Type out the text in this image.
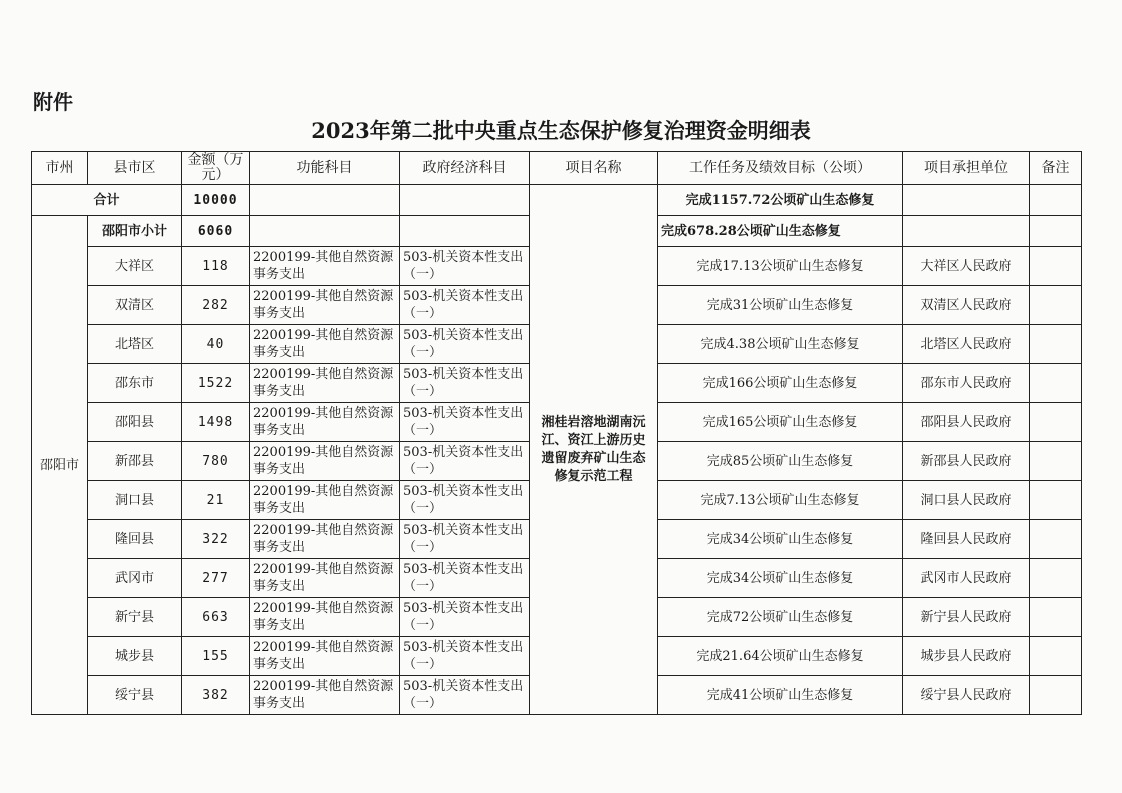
附件
2023年第二批中央重点生态保护修复治理资金明细表
市州	县市区	金额（万元）	功能科目	政府经济科目	项目名称	工作任务及绩效目标（公顷）	项目承担单位	备注
合计		10000			湘桂岩溶地湖南沅江、资江上游历史遗留废弃矿山生态修复示范工程	完成1157.72公顷矿山生态修复		
邵阳市	邵阳市小计	6060				完成678.28公顷矿山生态修复		
	大祥区	118	2200199-其他自然资源事务支出	503-机关资本性支出（一）		完成17.13公顷矿山生态修复	大祥区人民政府	
	双清区	282	2200199-其他自然资源事务支出	503-机关资本性支出（一）		完成31公顷矿山生态修复	双清区人民政府	
	北塔区	40	2200199-其他自然资源事务支出	503-机关资本性支出（一）		完成4.38公顷矿山生态修复	北塔区人民政府	
	邵东市	1522	2200199-其他自然资源事务支出	503-机关资本性支出（一）		完成166公顷矿山生态修复	邵东市人民政府	
	邵阳县	1498	2200199-其他自然资源事务支出	503-机关资本性支出（一）		完成165公顷矿山生态修复	邵阳县人民政府	
	新邵县	780	2200199-其他自然资源事务支出	503-机关资本性支出（一）		完成85公顷矿山生态修复	新邵县人民政府	
	洞口县	21	2200199-其他自然资源事务支出	503-机关资本性支出（一）		完成7.13公顷矿山生态修复	洞口县人民政府	
	隆回县	322	2200199-其他自然资源事务支出	503-机关资本性支出（一）		完成34公顷矿山生态修复	隆回县人民政府	
	武冈市	277	2200199-其他自然资源事务支出	503-机关资本性支出（一）		完成34公顷矿山生态修复	武冈市人民政府	
	新宁县	663	2200199-其他自然资源事务支出	503-机关资本性支出（一）		完成72公顷矿山生态修复	新宁县人民政府	
	城步县	155	2200199-其他自然资源事务支出	503-机关资本性支出（一）		完成21.64公顷矿山生态修复	城步县人民政府	
	绥宁县	382	2200199-其他自然资源事务支出	503-机关资本性支出（一）		完成41公顷矿山生态修复	绥宁县人民政府	
